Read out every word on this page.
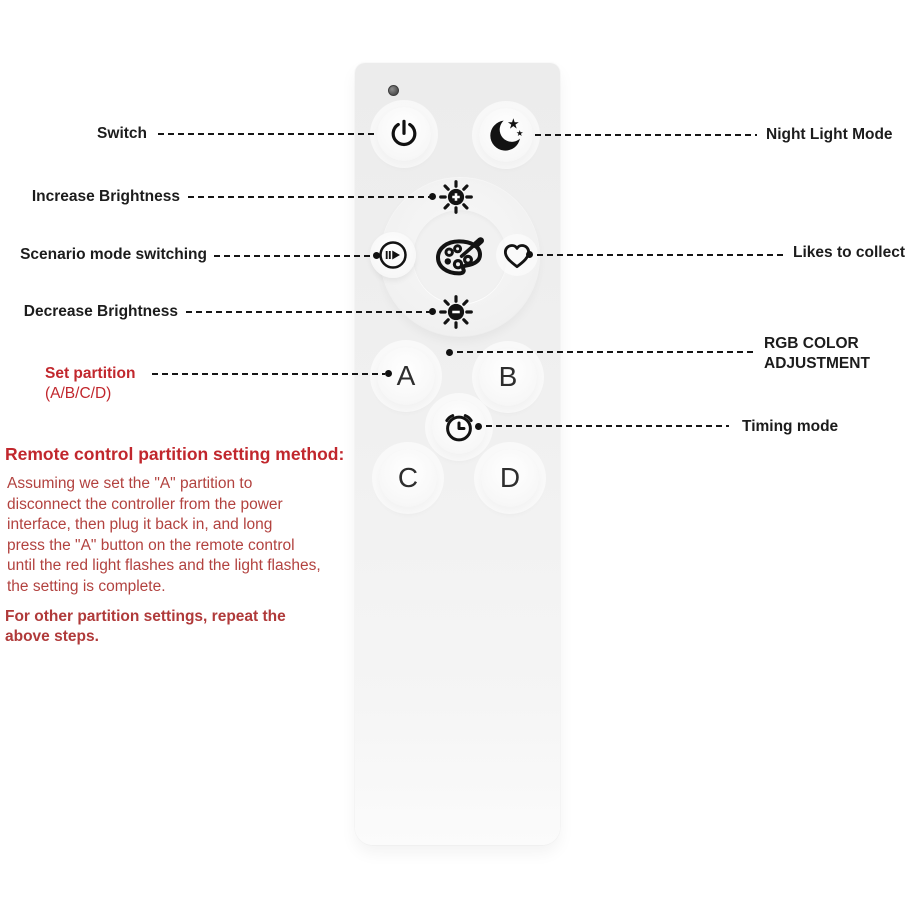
★
★
A	B
C	D
Switch	Night Light Mode
Increase Brightness
Scenario mode switching	Likes to collect
Decrease Brightness
RGB COLOR
ADJUSTMENT
Timing mode
Set partition
(A/B/C/D)
Remote control partition setting method:
Assuming we set the "A" partition to
disconnect the controller from the power
interface, then plug it back in, and long
press the "A" button on the remote control
until the red light flashes and the light flashes,
the setting is complete.
For other partition settings, repeat the
above steps.
